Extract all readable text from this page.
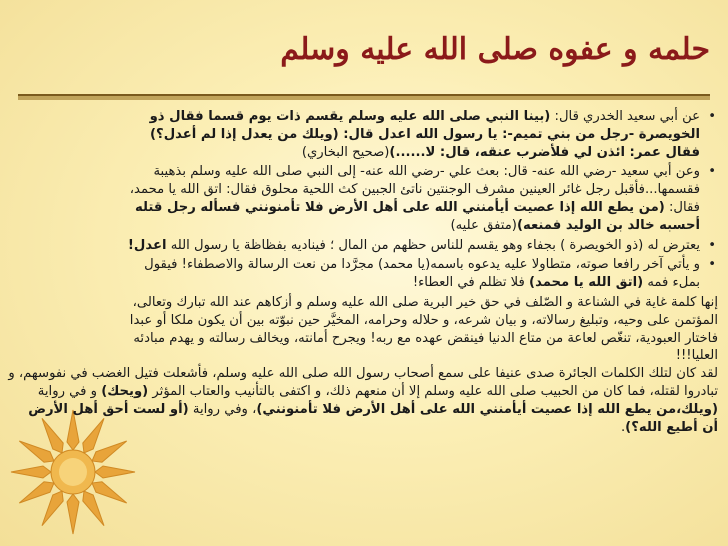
حلمه و عفوه صلى الله عليه وسلم
• عن أبي سعيد الخدري قال: (بينا النبي صلى الله عليه وسلم يقسم ذات يوم قسما فقال ذو الخويصرة -رجل من بني تميم-: يا رسول الله اعدل قال: (ويلك من يعدل إذا لم أعدل؟) فقال عمر: ائذن لي فلأضرب عنقه، قال: لا......)(صحيح البخاري)
• وعن أبي سعيد -رضي الله عنه- قال: بعث علي -رضي الله عنه- إلى النبي صلى الله عليه وسلم بذهيبة فقسمها...فأقبل رجل غائر العينين مشرف الوجنتين ناتئ الجبين كث اللحية محلوق فقال: اتق الله يا محمد، فقال: (من يطع الله إذا عصيت أيأمنني الله على أهل الأرض فلا تأمنونني فسأله رجل قتله أحسبه خالد بن الوليد فمنعه)(متفق عليه)
• يعترض له (ذو الخويصرة ) بجفاء وهو يقسم للناس حظهم من المال ؛ فيناديه بفظاظة يا رسول الله اعدل!
• و يأتي آخر رافعا صوته، متطاولا عليه يدعوه باسمه(يا محمد) مجرَّدا من نعت الرسالة والاصطفاء! فيقول بملء فمه (اتق الله يا محمد) فلا تظلم في العطاء!

إنها كلمة غاية في الشناعة و الصّلف في حق خير البرية صلى الله عليه وسلم و أزكاهم عند الله تبارك وتعالى، المؤتمن على وحيه، وتبليغ رسالاته، و بيان شرعه، و حلاله وحرامه، المخيَّر حين نبوّته بين أن يكون ملكا أو عبدا فاختار العبودية، تنغّص لعاعة من متاع الدنيا فينقض عهده مع ربه! ويجرح أمانته، ويخالف رسالته و يهدم مبادئه العليا!!!

لقد كان لتلك الكلمات الجائرة صدى عنيفا على سمع أصحاب رسول الله صلى الله عليه وسلم، فأشعلت فتيل الغضب في نفوسهم، و تبادروا لقتله، فما كان من الحبيب صلى الله عليه وسلم إلا أن منعهم ذلك، و اكتفى بالتأنيب والعتاب المؤثر (ويحك) و في رواية (ويلك،من يطع الله إذا عصيت أيأمنني الله على أهل الأرض فلا تأمنونني)، وفي رواية (أو لست أحق أهل الأرض أن أطيع الله؟).
